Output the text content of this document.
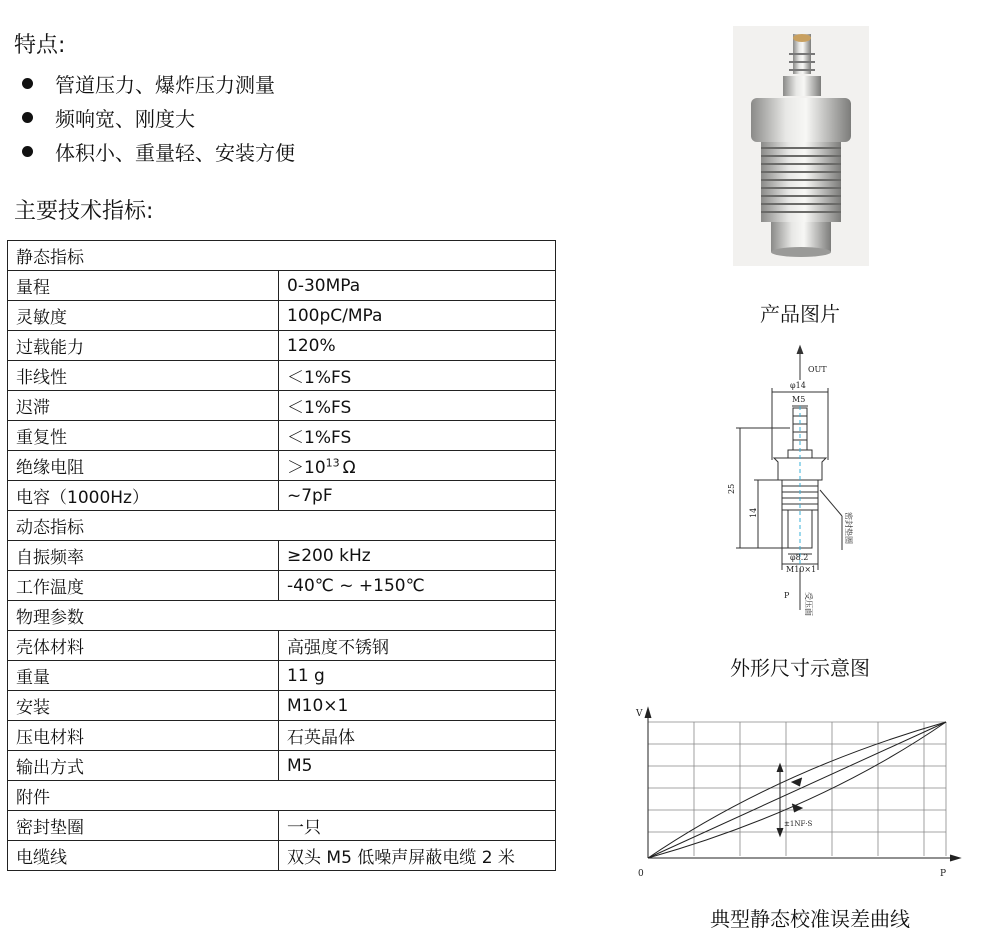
特点:
管道压力、爆炸压力测量
频响宽、刚度大
体积小、重量轻、安装方便
主要技术指标:
静态指标	
量程	0-30MPa
灵敏度	100pC/MPa
过载能力	120%
非线性	＜1%FS
迟滞	＜1%FS
重复性	＜1%FS
绝缘电阻	$>10^{13}$ Ω
电容（1000Hz）	~7pF
动态指标	
自振频率	≥200 kHz
工作温度	-40℃ ~ +150℃
物理参数	
壳体材料	高强度不锈钢
重量	11 g
安装	M10×1
压电材料	石英晶体
输出方式	M5
附件	
密封垫圈	一只
电缆线	双头 M5 低噪声屏蔽电缆 2 米
产品图片
OUT
φ14
M5
25
14
φ8.2
M10×1
P 受压面
密封垫圈
外形尺寸示意图
V
P
0
±1NF·S
典型静态校准误差曲线
